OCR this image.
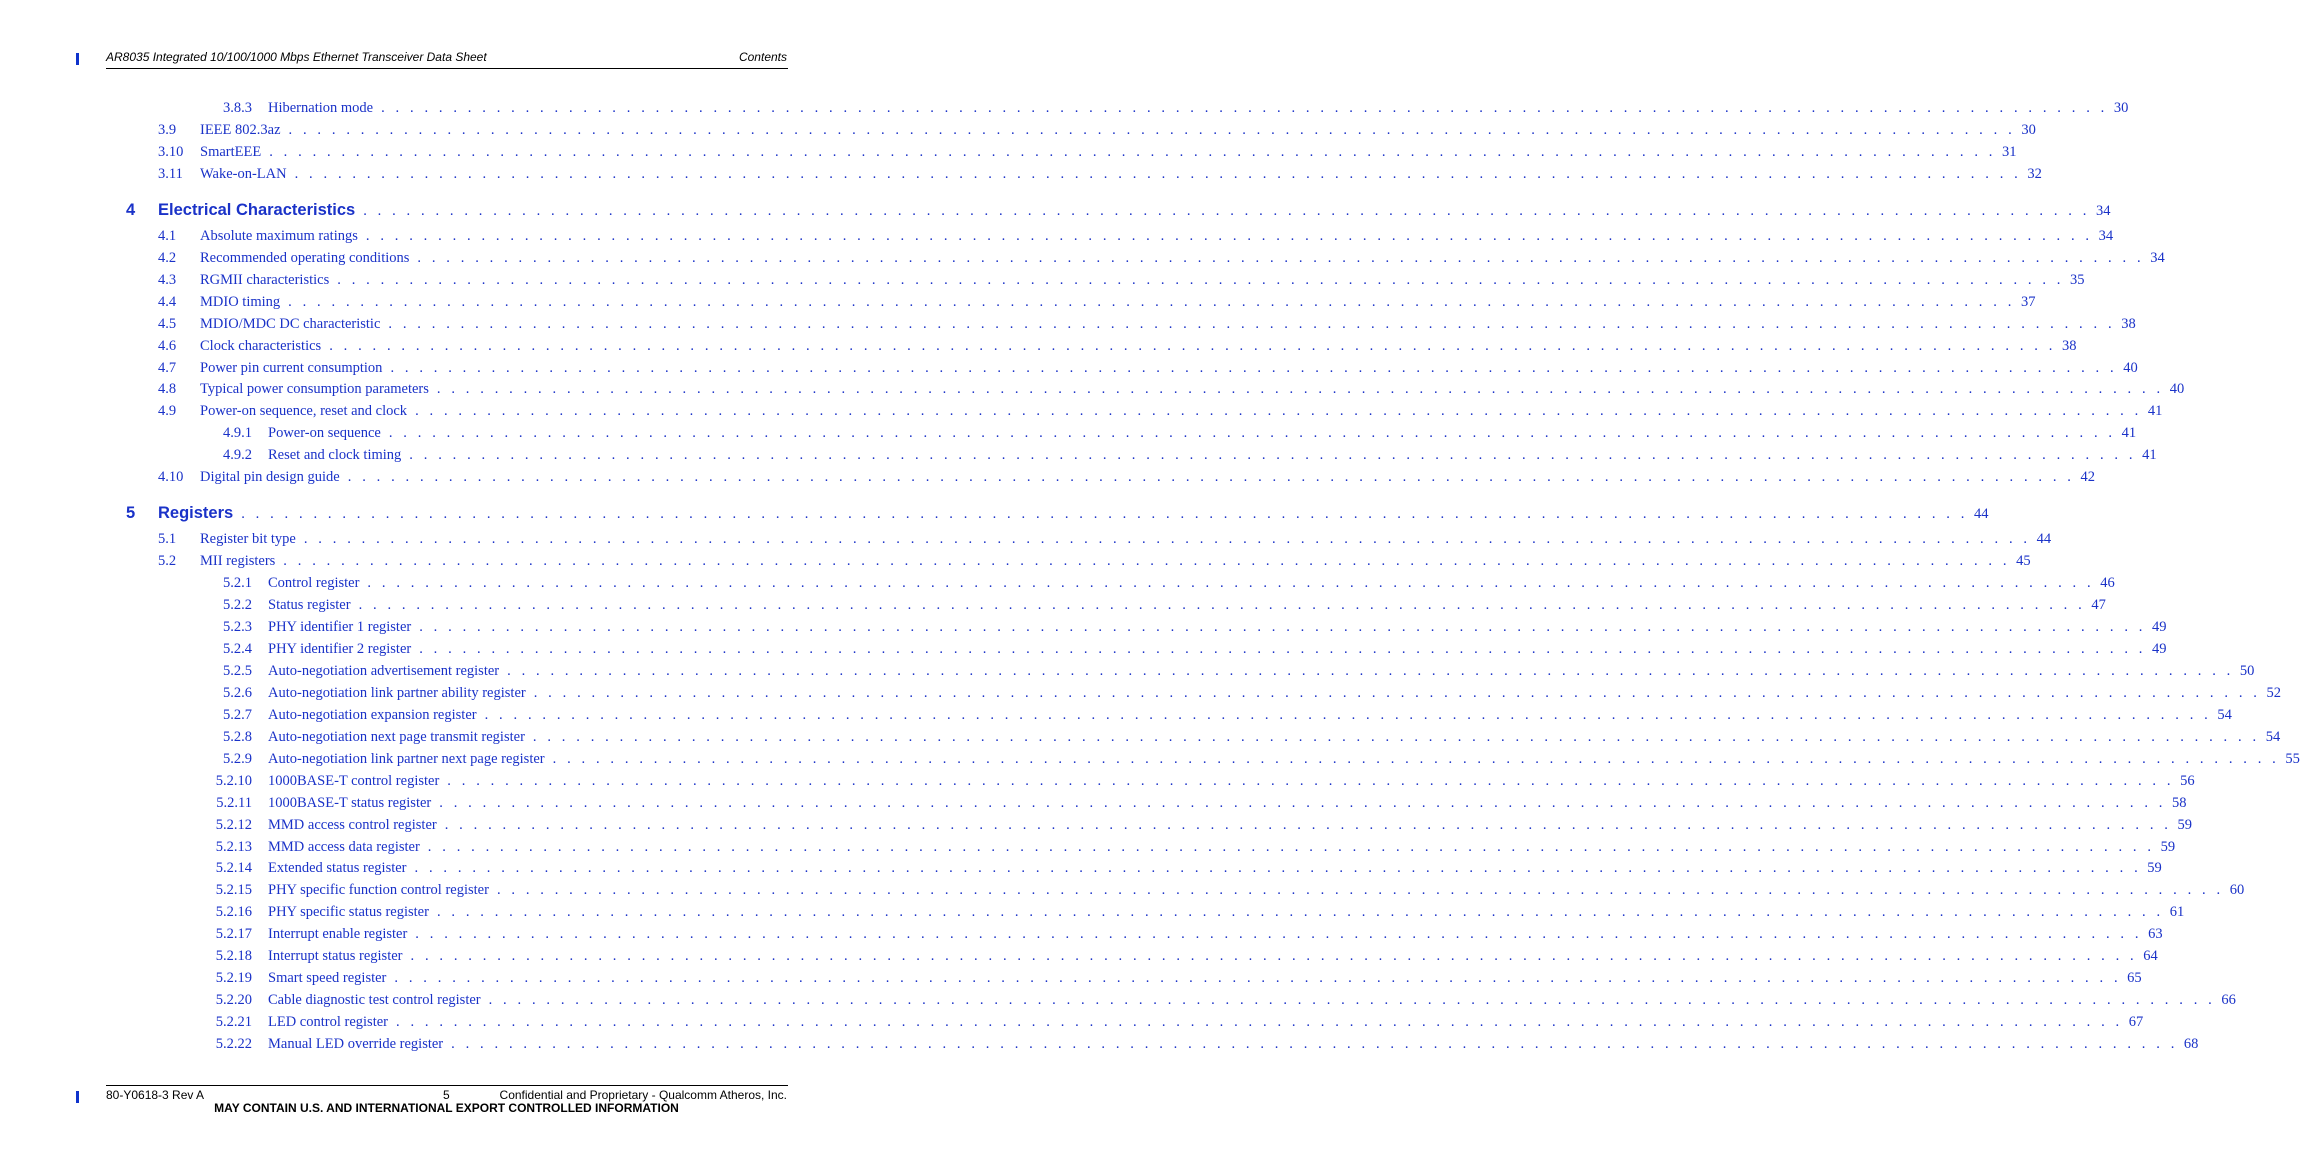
AR8035 Integrated 10/100/1000 Mbps Ethernet Transceiver Data Sheet	Contents
3.8.3 Hibernation mode . . . . . . . . . . . . . . . . . . . . . . . . . . . . . . . . . . . . . . . . . . . . . . . . . . . . . . . . . . . . . . . . . . . . . . . . . . . . . . . . . . . . . . . . . . . . . . . . . . . . . . . . . . . . . . . . . . . . . . . . 30
3.9 IEEE 802.3az . . . . . . . . . . . . . . . . . . . . . . . . . . . . . . . . . . . . . . . . . . . . . . . . . . . . . . . . . . . . . . . . . . . . . . . . . . . . . . . . . . . . . . . . . . . . . . . . . . . . . . . . . . . . . . . . . . . . . . . . 30
3.10 SmartEEE . . . . . . . . . . . . . . . . . . . . . . . . . . . . . . . . . . . . . . . . . . . . . . . . . . . . . . . . . . . . . . . . . . . . . . . . . . . . . . . . . . . . . . . . . . . . . . . . . . . . . . . . . . . . . . . . . . . . . . . . 31
3.11 Wake-on-LAN . . . . . . . . . . . . . . . . . . . . . . . . . . . . . . . . . . . . . . . . . . . . . . . . . . . . . . . . . . . . . . . . . . . . . . . . . . . . . . . . . . . . . . . . . . . . . . . . . . . . . . . . . . . . . . . . . . . . . . . . 32
4 Electrical Characteristics . . . . . . . . . . . . . . . . . . . . . . . . . . . . . . . . . . . . . . . . . . . . . . . . . . . . . . . . . . . . . . . . . . . . . . . . . . . . . . . . . . . . . . . . . . . . . . . . . . . . . . . . . . . . . . . . . . . . . . . . 34
4.1 Absolute maximum ratings . . . . . . . . . . . . . . . . . . . . . . . . . . . . . . . . . . . . . . . . . . . . . . . . . . . . . . . . . . . . . . . . . . . . . . . . . . . . . . . . . . . . . . . . . . . . . . . . . . . . . . . . . . . . . . . . . . . . . . . . 34
4.2 Recommended operating conditions . . . . . . . . . . . . . . . . . . . . . . . . . . . . . . . . . . . . . . . . . . . . . . . . . . . . . . . . . . . . . . . . . . . . . . . . . . . . . . . . . . . . . . . . . . . . . . . . . . . . . . . . . . . . . . . . . . . . . . . . 34
4.3 RGMII characteristics . . . . . . . . . . . . . . . . . . . . . . . . . . . . . . . . . . . . . . . . . . . . . . . . . . . . . . . . . . . . . . . . . . . . . . . . . . . . . . . . . . . . . . . . . . . . . . . . . . . . . . . . . . . . . . . . . . . . . . . . 35
4.4 MDIO timing . . . . . . . . . . . . . . . . . . . . . . . . . . . . . . . . . . . . . . . . . . . . . . . . . . . . . . . . . . . . . . . . . . . . . . . . . . . . . . . . . . . . . . . . . . . . . . . . . . . . . . . . . . . . . . . . . . . . . . . . 37
4.5 MDIO/MDC DC characteristic . . . . . . . . . . . . . . . . . . . . . . . . . . . . . . . . . . . . . . . . . . . . . . . . . . . . . . . . . . . . . . . . . . . . . . . . . . . . . . . . . . . . . . . . . . . . . . . . . . . . . . . . . . . . . . . . . . . . . . . . 38
4.6 Clock characteristics . . . . . . . . . . . . . . . . . . . . . . . . . . . . . . . . . . . . . . . . . . . . . . . . . . . . . . . . . . . . . . . . . . . . . . . . . . . . . . . . . . . . . . . . . . . . . . . . . . . . . . . . . . . . . . . . . . . . . . . . 38
4.7 Power pin current consumption . . . . . . . . . . . . . . . . . . . . . . . . . . . . . . . . . . . . . . . . . . . . . . . . . . . . . . . . . . . . . . . . . . . . . . . . . . . . . . . . . . . . . . . . . . . . . . . . . . . . . . . . . . . . . . . . . . . . . . . . 40
4.8 Typical power consumption parameters . . . . . . . . . . . . . . . . . . . . . . . . . . . . . . . . . . . . . . . . . . . . . . . . . . . . . . . . . . . . . . . . . . . . . . . . . . . . . . . . . . . . . . . . . . . . . . . . . . . . . . . . . . . . . . . . . . . . . . . . 40
4.9 Power-on sequence, reset and clock . . . . . . . . . . . . . . . . . . . . . . . . . . . . . . . . . . . . . . . . . . . . . . . . . . . . . . . . . . . . . . . . . . . . . . . . . . . . . . . . . . . . . . . . . . . . . . . . . . . . . . . . . . . . . . . . . . . . . . . . 41
4.9.1 Power-on sequence . . . . . . . . . . . . . . . . . . . . . . . . . . . . . . . . . . . . . . . . . . . . . . . . . . . . . . . . . . . . . . . . . . . . . . . . . . . . . . . . . . . . . . . . . . . . . . . . . . . . . . . . . . . . . . . . . . . . . . . . 41
4.9.2 Reset and clock timing . . . . . . . . . . . . . . . . . . . . . . . . . . . . . . . . . . . . . . . . . . . . . . . . . . . . . . . . . . . . . . . . . . . . . . . . . . . . . . . . . . . . . . . . . . . . . . . . . . . . . . . . . . . . . . . . . . . . . . . . 41
4.10 Digital pin design guide . . . . . . . . . . . . . . . . . . . . . . . . . . . . . . . . . . . . . . . . . . . . . . . . . . . . . . . . . . . . . . . . . . . . . . . . . . . . . . . . . . . . . . . . . . . . . . . . . . . . . . . . . . . . . . . . . . . . . . . . 42
5 Registers . . . . . . . . . . . . . . . . . . . . . . . . . . . . . . . . . . . . . . . . . . . . . . . . . . . . . . . . . . . . . . . . . . . . . . . . . . . . . . . . . . . . . . . . . . . . . . . . . . . . . . . . . . . . . . . . . . . . . . . . 44
5.1 Register bit type . . . . . . . . . . . . . . . . . . . . . . . . . . . . . . . . . . . . . . . . . . . . . . . . . . . . . . . . . . . . . . . . . . . . . . . . . . . . . . . . . . . . . . . . . . . . . . . . . . . . . . . . . . . . . . . . . . . . . . . . 44
5.2 MII registers . . . . . . . . . . . . . . . . . . . . . . . . . . . . . . . . . . . . . . . . . . . . . . . . . . . . . . . . . . . . . . . . . . . . . . . . . . . . . . . . . . . . . . . . . . . . . . . . . . . . . . . . . . . . . . . . . . . . . . . . 45
5.2.1 Control register . . . . . . . . . . . . . . . . . . . . . . . . . . . . . . . . . . . . . . . . . . . . . . . . . . . . . . . . . . . . . . . . . . . . . . . . . . . . . . . . . . . . . . . . . . . . . . . . . . . . . . . . . . . . . . . . . . . . . . . . 46
5.2.2 Status register . . . . . . . . . . . . . . . . . . . . . . . . . . . . . . . . . . . . . . . . . . . . . . . . . . . . . . . . . . . . . . . . . . . . . . . . . . . . . . . . . . . . . . . . . . . . . . . . . . . . . . . . . . . . . . . . . . . . . . . . 47
5.2.3 PHY identifier 1 register . . . . . . . . . . . . . . . . . . . . . . . . . . . . . . . . . . . . . . . . . . . . . . . . . . . . . . . . . . . . . . . . . . . . . . . . . . . . . . . . . . . . . . . . . . . . . . . . . . . . . . . . . . . . . . . . . . . . . . . . 49
5.2.4 PHY identifier 2 register . . . . . . . . . . . . . . . . . . . . . . . . . . . . . . . . . . . . . . . . . . . . . . . . . . . . . . . . . . . . . . . . . . . . . . . . . . . . . . . . . . . . . . . . . . . . . . . . . . . . . . . . . . . . . . . . . . . . . . . . 49
5.2.5 Auto-negotiation advertisement register . . . . . . . . . . . . . . . . . . . . . . . . . . . . . . . . . . . . . . . . . . . . . . . . . . . . . . . . . . . . . . . . . . . . . . . . . . . . . . . . . . . . . . . . . . . . . . . . . . . . . . . . . . . . . . . . . . . . . . . . 50
5.2.6 Auto-negotiation link partner ability register . . . . . . . . . . . . . . . . . . . . . . . . . . . . . . . . . . . . . . . . . . . . . . . . . . . . . . . . . . . . . . . . . . . . . . . . . . . . . . . . . . . . . . . . . . . . . . . . . . . . . . . . . . . . . . . . . . . . . . . . 52
5.2.7 Auto-negotiation expansion register . . . . . . . . . . . . . . . . . . . . . . . . . . . . . . . . . . . . . . . . . . . . . . . . . . . . . . . . . . . . . . . . . . . . . . . . . . . . . . . . . . . . . . . . . . . . . . . . . . . . . . . . . . . . . . . . . . . . . . . . 54
5.2.8 Auto-negotiation next page transmit register . . . . . . . . . . . . . . . . . . . . . . . . . . . . . . . . . . . . . . . . . . . . . . . . . . . . . . . . . . . . . . . . . . . . . . . . . . . . . . . . . . . . . . . . . . . . . . . . . . . . . . . . . . . . . . . . . . . . . . . . 54
5.2.9 Auto-negotiation link partner next page register . . . . . . . . . . . . . . . . . . . . . . . . . . . . . . . . . . . . . . . . . . . . . . . . . . . . . . . . . . . . . . . . . . . . . . . . . . . . . . . . . . . . . . . . . . . . . . . . . . . . . . . . . . . . . . . . . . . . . . . . 55
5.2.10 1000BASE-T control register . . . . . . . . . . . . . . . . . . . . . . . . . . . . . . . . . . . . . . . . . . . . . . . . . . . . . . . . . . . . . . . . . . . . . . . . . . . . . . . . . . . . . . . . . . . . . . . . . . . . . . . . . . . . . . . . . . . . . . . . 56
5.2.11 1000BASE-T status register . . . . . . . . . . . . . . . . . . . . . . . . . . . . . . . . . . . . . . . . . . . . . . . . . . . . . . . . . . . . . . . . . . . . . . . . . . . . . . . . . . . . . . . . . . . . . . . . . . . . . . . . . . . . . . . . . . . . . . . . 58
5.2.12 MMD access control register . . . . . . . . . . . . . . . . . . . . . . . . . . . . . . . . . . . . . . . . . . . . . . . . . . . . . . . . . . . . . . . . . . . . . . . . . . . . . . . . . . . . . . . . . . . . . . . . . . . . . . . . . . . . . . . . . . . . . . . . 59
5.2.13 MMD access data register . . . . . . . . . . . . . . . . . . . . . . . . . . . . . . . . . . . . . . . . . . . . . . . . . . . . . . . . . . . . . . . . . . . . . . . . . . . . . . . . . . . . . . . . . . . . . . . . . . . . . . . . . . . . . . . . . . . . . . . . 59
5.2.14 Extended status register . . . . . . . . . . . . . . . . . . . . . . . . . . . . . . . . . . . . . . . . . . . . . . . . . . . . . . . . . . . . . . . . . . . . . . . . . . . . . . . . . . . . . . . . . . . . . . . . . . . . . . . . . . . . . . . . . . . . . . . . 59
5.2.15 PHY specific function control register . . . . . . . . . . . . . . . . . . . . . . . . . . . . . . . . . . . . . . . . . . . . . . . . . . . . . . . . . . . . . . . . . . . . . . . . . . . . . . . . . . . . . . . . . . . . . . . . . . . . . . . . . . . . . . . . . . . . . . . . 60
5.2.16 PHY specific status register . . . . . . . . . . . . . . . . . . . . . . . . . . . . . . . . . . . . . . . . . . . . . . . . . . . . . . . . . . . . . . . . . . . . . . . . . . . . . . . . . . . . . . . . . . . . . . . . . . . . . . . . . . . . . . . . . . . . . . . . 61
5.2.17 Interrupt enable register . . . . . . . . . . . . . . . . . . . . . . . . . . . . . . . . . . . . . . . . . . . . . . . . . . . . . . . . . . . . . . . . . . . . . . . . . . . . . . . . . . . . . . . . . . . . . . . . . . . . . . . . . . . . . . . . . . . . . . . . 63
5.2.18 Interrupt status register . . . . . . . . . . . . . . . . . . . . . . . . . . . . . . . . . . . . . . . . . . . . . . . . . . . . . . . . . . . . . . . . . . . . . . . . . . . . . . . . . . . . . . . . . . . . . . . . . . . . . . . . . . . . . . . . . . . . . . . . 64
5.2.19 Smart speed register . . . . . . . . . . . . . . . . . . . . . . . . . . . . . . . . . . . . . . . . . . . . . . . . . . . . . . . . . . . . . . . . . . . . . . . . . . . . . . . . . . . . . . . . . . . . . . . . . . . . . . . . . . . . . . . . . . . . . . . . 65
5.2.20 Cable diagnostic test control register . . . . . . . . . . . . . . . . . . . . . . . . . . . . . . . . . . . . . . . . . . . . . . . . . . . . . . . . . . . . . . . . . . . . . . . . . . . . . . . . . . . . . . . . . . . . . . . . . . . . . . . . . . . . . . . . . . . . . . . . 66
5.2.21 LED control register . . . . . . . . . . . . . . . . . . . . . . . . . . . . . . . . . . . . . . . . . . . . . . . . . . . . . . . . . . . . . . . . . . . . . . . . . . . . . . . . . . . . . . . . . . . . . . . . . . . . . . . . . . . . . . . . . . . . . . . . 67
5.2.22 Manual LED override register . . . . . . . . . . . . . . . . . . . . . . . . . . . . . . . . . . . . . . . . . . . . . . . . . . . . . . . . . . . . . . . . . . . . . . . . . . . . . . . . . . . . . . . . . . . . . . . . . . . . . . . . . . . . . . . . . . . . . . . . 68
80-Y0618-3 Rev A	5	Confidential and Proprietary - Qualcomm Atheros, Inc.
MAY CONTAIN U.S. AND INTERNATIONAL EXPORT CONTROLLED INFORMATION
